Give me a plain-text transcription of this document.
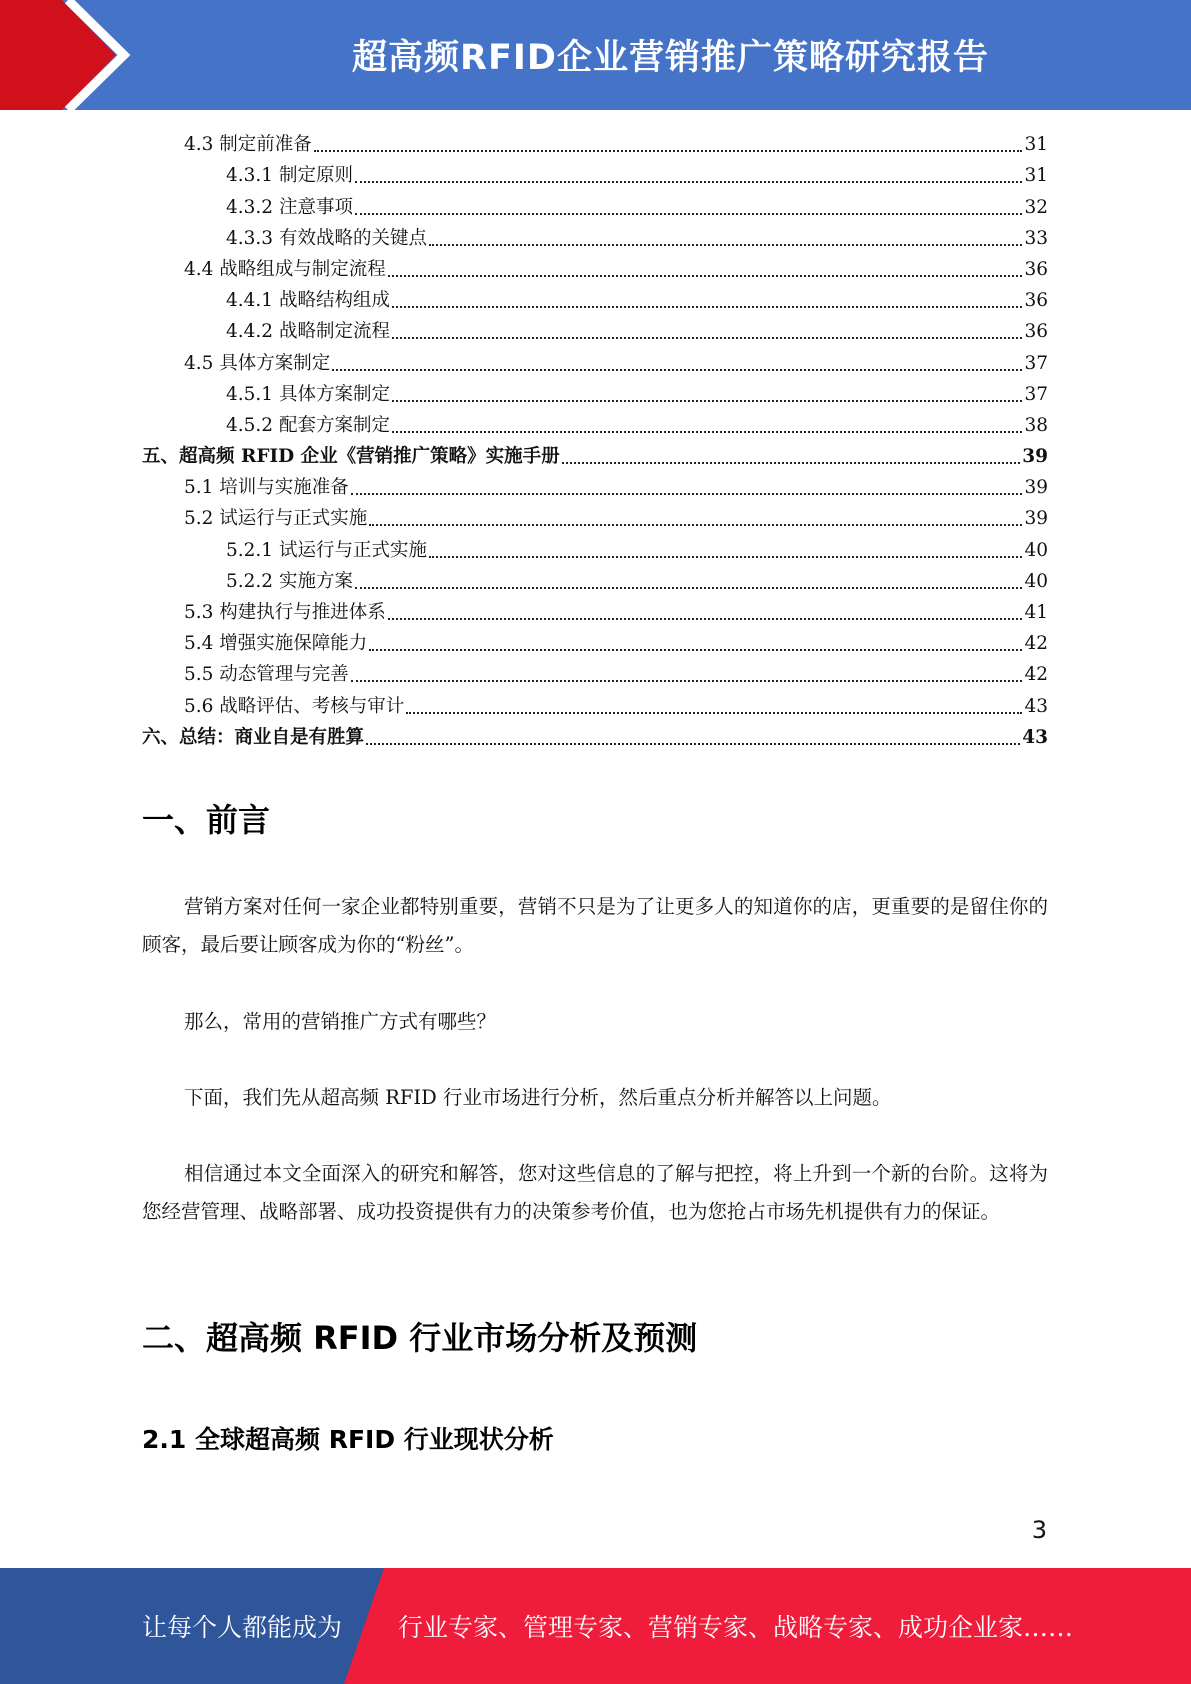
超高频RFID企业营销推广策略研究报告
4.3 制定前准备	31
4.3.1 制定原则	31
4.3.2 注意事项	32
4.3.3 有效战略的关键点	33
4.4 战略组成与制定流程	36
4.4.1 战略结构组成	36
4.4.2 战略制定流程	36
4.5 具体方案制定	37
4.5.1 具体方案制定	37
4.5.2 配套方案制定	38
五、超高频 RFID 企业《营销推广策略》实施手册	39
5.1 培训与实施准备	39
5.2 试运行与正式实施	39
5.2.1 试运行与正式实施	40
5.2.2 实施方案	40
5.3 构建执行与推进体系	41
5.4 增强实施保障能力	42
5.5 动态管理与完善	42
5.6 战略评估、考核与审计	43
六、总结：商业自是有胜算	43
一、前言
营销方案对任何一家企业都特别重要，营销不只是为了让更多人的知道你的店，更重要的是留住你的顾客，最后要让顾客成为你的“粉丝”。
那么，常用的营销推广方式有哪些？
下面，我们先从超高频 RFID 行业市场进行分析，然后重点分析并解答以上问题。
相信通过本文全面深入的研究和解答，您对这些信息的了解与把控，将上升到一个新的台阶。这将为您经营管理、战略部署、成功投资提供有力的决策参考价值，也为您抢占市场先机提供有力的保证。
二、超高频 RFID 行业市场分析及预测
2.1 全球超高频 RFID 行业现状分析
3
让每个人都能成为 行业专家、管理专家、营销专家、战略专家、成功企业家……
